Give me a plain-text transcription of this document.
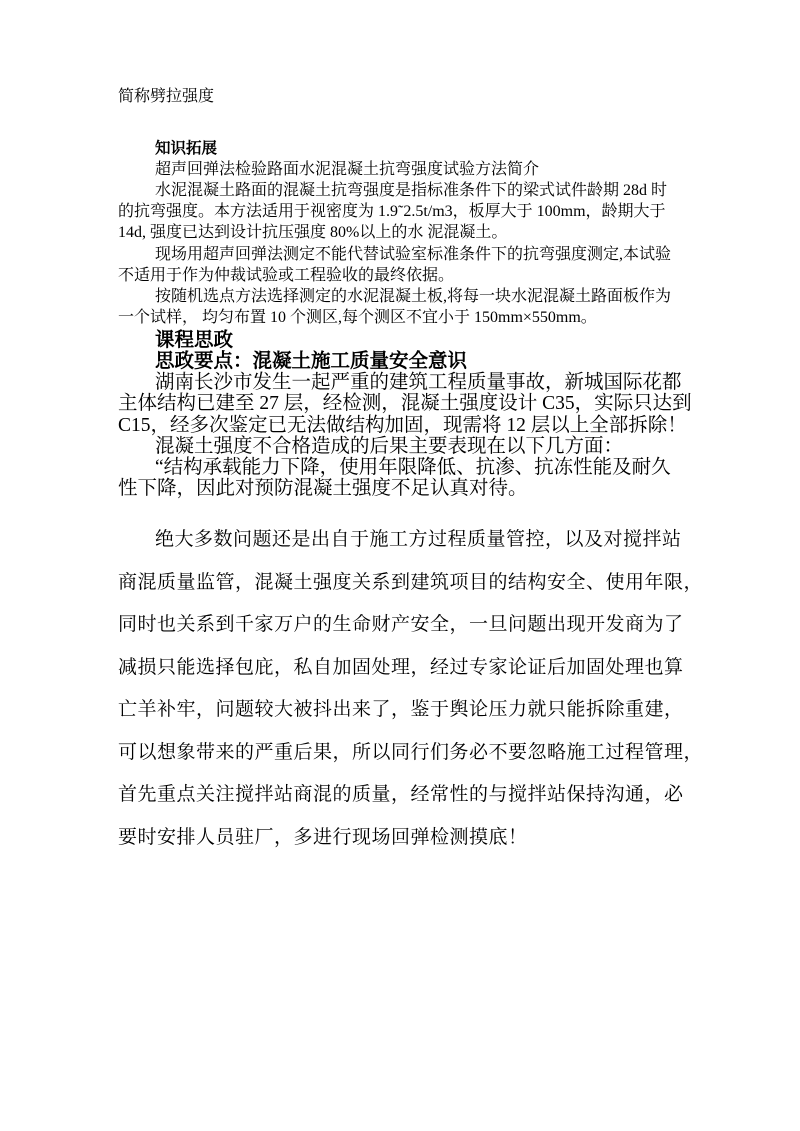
简称劈拉强度
知识拓展
超声回弹法检验路面水泥混凝土抗弯强度试验方法简介
水泥混凝土路面的混凝土抗弯强度是指标准条件下的梁式试件龄期 28d 时
的抗弯强度。本方法适用于视密度为 1.9˜2.5t/m3，板厚大于 100mm，龄期大于
14d, 强度已达到设计抗压强度 80%以上的水 泥混凝土。
现场用超声回弹法测定不能代替试验室标准条件下的抗弯强度测定,本试验
不适用于作为仲裁试验或工程验收的最终依据。
按随机选点方法选择测定的水泥混凝土板,将每一块水泥混凝土路面板作为
一个试样， 均匀布置 10 个测区,每个测区不宜小于 150mm×550mm。
课程思政
思政要点：混凝土施工质量安全意识
湖南长沙市发生一起严重的建筑工程质量事故，新城国际花都
主体结构已建至 27 层，经检测，混凝土强度设计 C35，实际只达到
C15，经多次鉴定已无法做结构加固，现需将 12 层以上全部拆除！
混凝土强度不合格造成的后果主要表现在以下几方面：
“结构承载能力下降，使用年限降低、抗渗、抗冻性能及耐久
性下降，因此对预防混凝土强度不足认真对待。
绝大多数问题还是出自于施工方过程质量管控，以及对搅拌站
商混质量监管，混凝土强度关系到建筑项目的结构安全、使用年限，
同时也关系到千家万户的生命财产安全，一旦问题出现开发商为了
减损只能选择包庇，私自加固处理，经过专家论证后加固处理也算
亡羊补牢，问题较大被抖出来了，鉴于舆论压力就只能拆除重建，
可以想象带来的严重后果，所以同行们务必不要忽略施工过程管理，
首先重点关注搅拌站商混的质量，经常性的与搅拌站保持沟通，必
要时安排人员驻厂，多进行现场回弹检测摸底！
